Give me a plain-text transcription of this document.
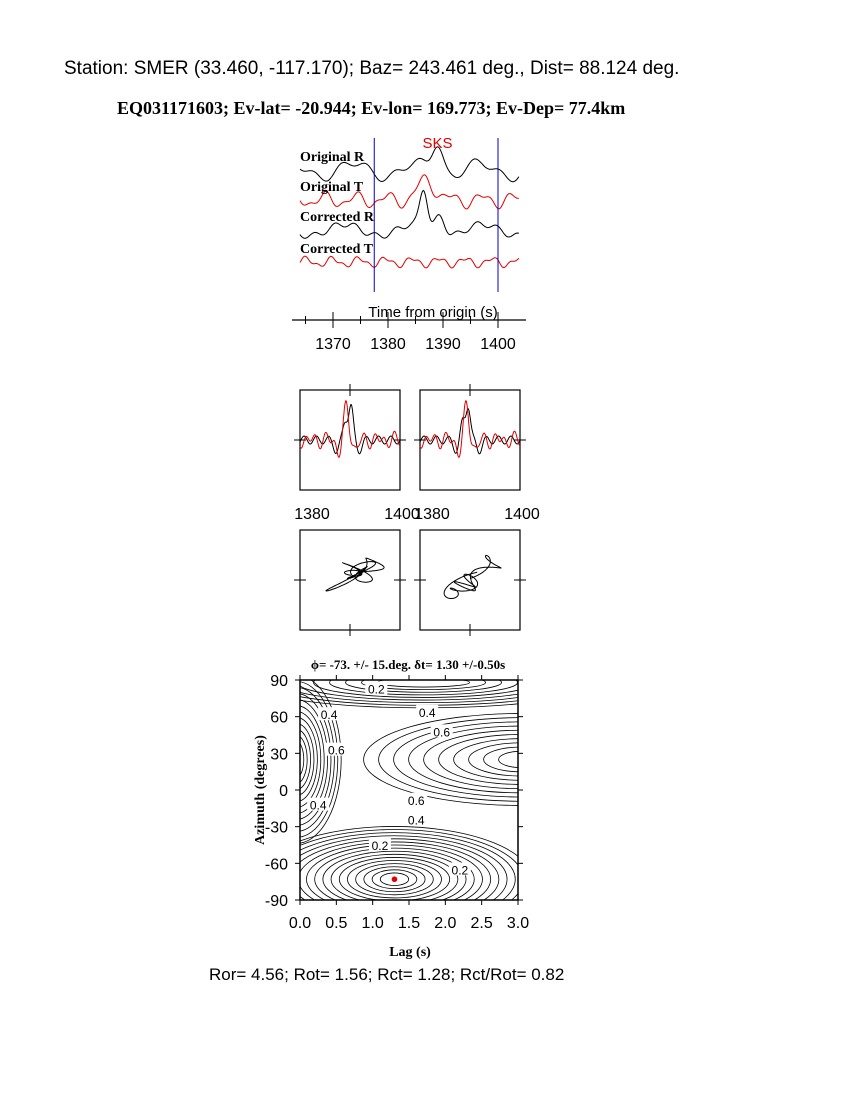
Station: SMER (33.460, -117.170); Baz= 243.461 deg., Dist= 88.124 deg.
EQ031171603; Ev-lat= -20.944; Ev-lon= 169.773; Ev-Dep= 77.4km
Original R
Original T
Corrected R
Corrected T
SKS
Time from origin (s)
1370 1380 1390 1400
1380	1400
1380	1400
0.2
0.4
0.6
0.4
0.6
0.6
0.4
0.4
0.2
0.2
0.0 0.5 1.0 1.5 2.0 2.5 3.0
90
60
30
0
-30
-60
-90
ϕ= -73. +/- 15.deg. δt= 1.30 +/-0.50s
Lag (s)
Azimuth (degrees)
Ror= 4.56; Rot= 1.56; Rct= 1.28; Rct/Rot= 0.82
